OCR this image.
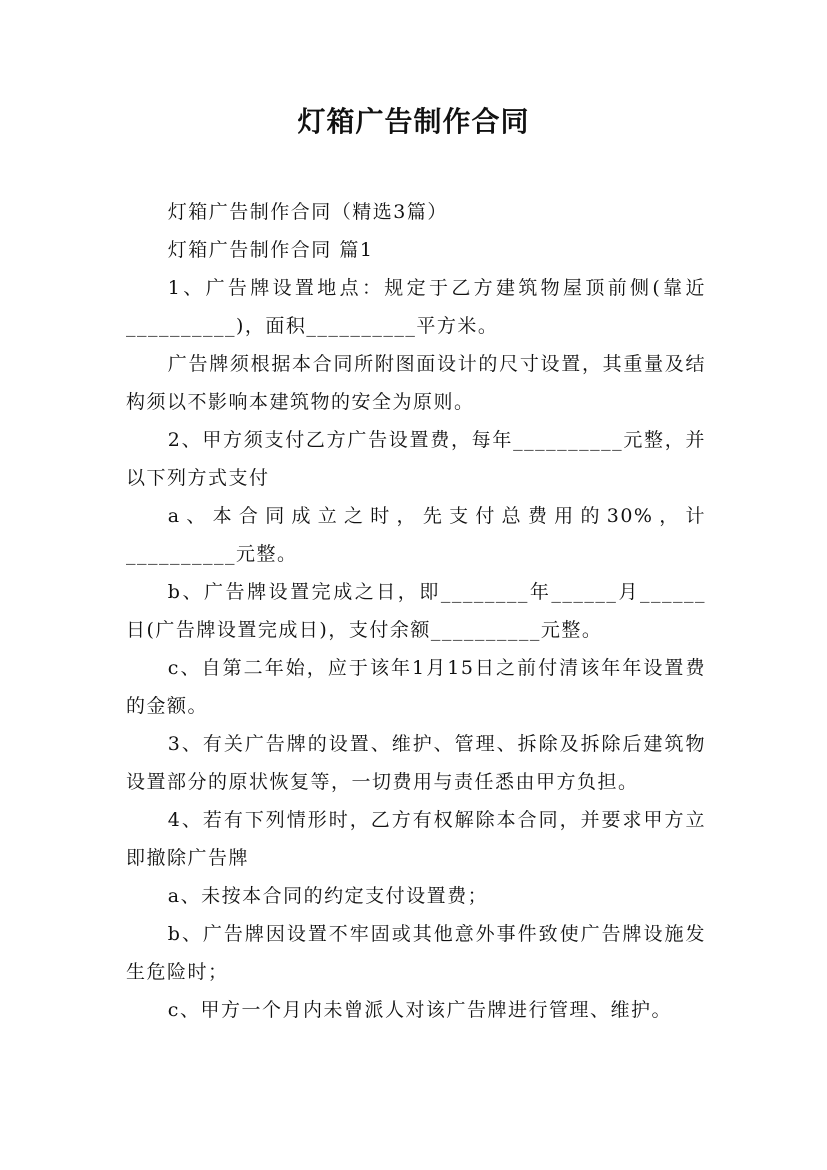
灯箱广告制作合同

灯箱广告制作合同（精选3篇）

灯箱广告制作合同 篇1

1、广告牌设置地点：规定于乙方建筑物屋顶前侧(靠近__________)，面积__________平方米。

广告牌须根据本合同所附图面设计的尺寸设置，其重量及结构须以不影响本建筑物的安全为原则。

2、甲方须支付乙方广告设置费，每年__________元整，并以下列方式支付

a、本合同成立之时，先支付总费用的30%，计__________元整。

b、广告牌设置完成之日，即________年______月______日(广告牌设置完成日)，支付余额__________元整。

c、自第二年始，应于该年1月15日之前付清该年年设置费的金额。

3、有关广告牌的设置、维护、管理、拆除及拆除后建筑物设置部分的原状恢复等，一切费用与责任悉由甲方负担。

4、若有下列情形时，乙方有权解除本合同，并要求甲方立即撤除广告牌

a、未按本合同的约定支付设置费；

b、广告牌因设置不牢固或其他意外事件致使广告牌设施发生危险时；

c、甲方一个月内未曾派人对该广告牌进行管理、维护。
